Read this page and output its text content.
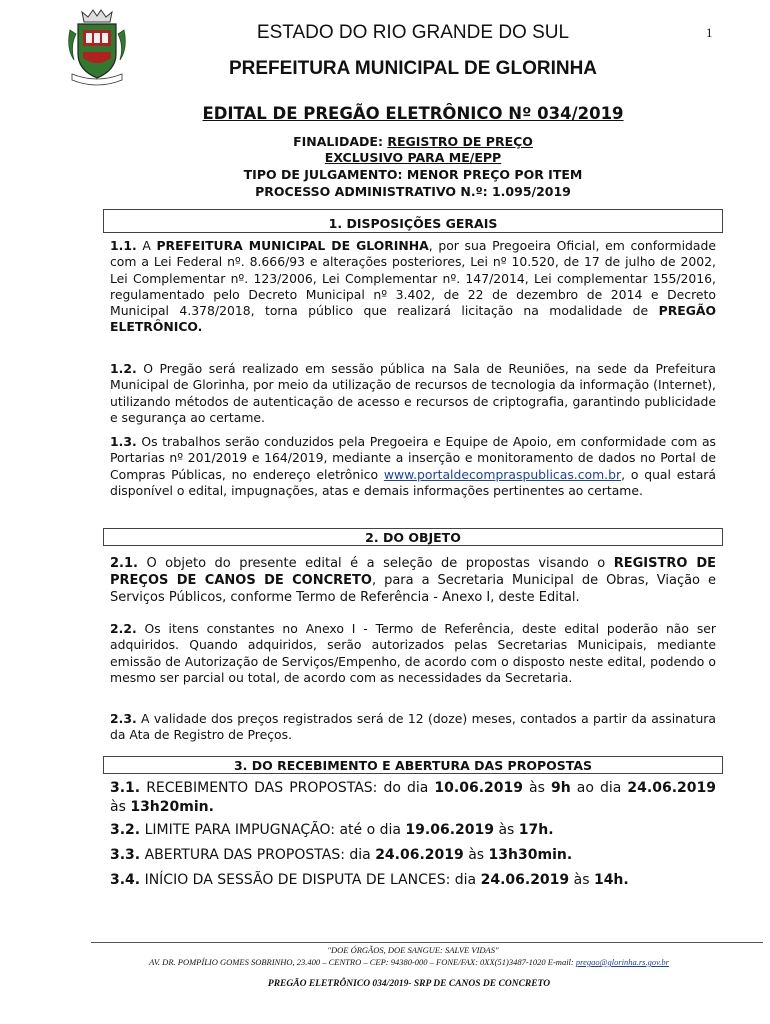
ESTADO DO RIO GRANDE DO SUL	1
PREFEITURA MUNICIPAL DE GLORINHA
EDITAL DE PREGÃO ELETRÔNICO Nº 034/2019
FINALIDADE: REGISTRO DE PREÇO
EXCLUSIVO PARA ME/EPP
TIPO DE JULGAMENTO: MENOR PREÇO POR ITEM
PROCESSO ADMINISTRATIVO N.º: 1.095/2019
1. DISPOSIÇÕES GERAIS
1.1. A PREFEITURA MUNICIPAL DE GLORINHA, por sua Pregoeira Oficial, em conformidade com a Lei Federal nº. 8.666/93 e alterações posteriores, Lei nº 10.520, de 17 de julho de 2002, Lei Complementar nº. 123/2006, Lei Complementar nº. 147/2014, Lei complementar 155/2016, regulamentado pelo Decreto Municipal nº 3.402, de 22 de dezembro de 2014 e Decreto Municipal 4.378/2018, torna público que realizará licitação na modalidade de PREGÃO ELETRÔNICO.
1.2. O Pregão será realizado em sessão pública na Sala de Reuniões, na sede da Prefeitura Municipal de Glorinha, por meio da utilização de recursos de tecnologia da informação (Internet), utilizando métodos de autenticação de acesso e recursos de criptografia, garantindo publicidade e segurança ao certame.
1.3. Os trabalhos serão conduzidos pela Pregoeira e Equipe de Apoio, em conformidade com as Portarias nº 201/2019 e 164/2019, mediante a inserção e monitoramento de dados no Portal de Compras Públicas, no endereço eletrônico www.portaldecompraspublicas.com.br, o qual estará disponível o edital, impugnações, atas e demais informações pertinentes ao certame.
2. DO OBJETO
2.1. O objeto do presente edital é a seleção de propostas visando o REGISTRO DE PREÇOS DE CANOS DE CONCRETO, para a Secretaria Municipal de Obras, Viação e Serviços Públicos, conforme Termo de Referência - Anexo I, deste Edital.
2.2. Os itens constantes no Anexo I - Termo de Referência, deste edital poderão não ser adquiridos. Quando adquiridos, serão autorizados pelas Secretarias Municipais, mediante emissão de Autorização de Serviços/Empenho, de acordo com o disposto neste edital, podendo o mesmo ser parcial ou total, de acordo com as necessidades da Secretaria.
2.3. A validade dos preços registrados será de 12 (doze) meses, contados a partir da assinatura da Ata de Registro de Preços.
3. DO RECEBIMENTO E ABERTURA DAS PROPOSTAS
3.1. RECEBIMENTO DAS PROPOSTAS: do dia 10.06.2019 às 9h ao dia 24.06.2019 às 13h20min.
3.2. LIMITE PARA IMPUGNAÇÃO: até o dia 19.06.2019 às 17h.
3.3. ABERTURA DAS PROPOSTAS: dia 24.06.2019 às 13h30min.
3.4. INÍCIO DA SESSÃO DE DISPUTA DE LANCES: dia 24.06.2019 às 14h.
"DOE ÓRGÃOS, DOE SANGUE: SALVE VIDAS"
AV. DR. POMPÍLIO GOMES SOBRINHO, 23.400 – CENTRO – CEP: 94380-000 – FONE/FAX: 0XX(51)3487-1020 E-mail: pregao@glorinha.rs.gov.br
PREGÃO ELETRÔNICO 034/2019- SRP DE CANOS DE CONCRETO
